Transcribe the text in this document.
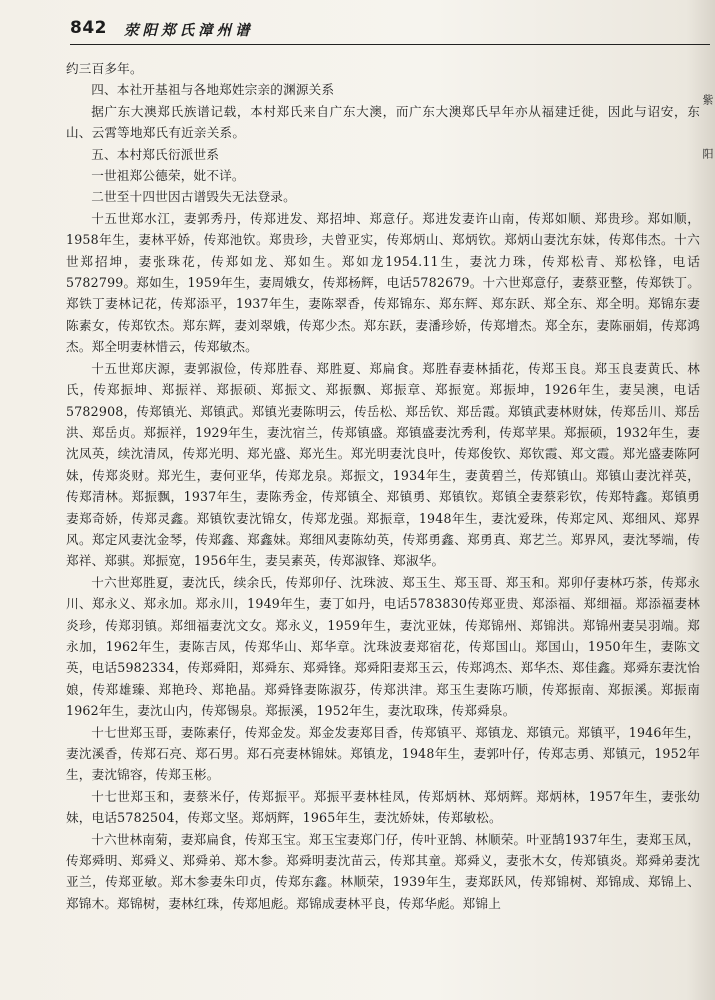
842 荥阳郑氏漳州谱
紫
阳

约三百多年。

四、本社开基祖与各地郑姓宗亲的渊源关系

据广东大澳郑氏族谱记载，本村郑氏来自广东大澳，而广东大澳郑氏早年亦从福建迁徙，因此与诏安，东山、云霄等地郑氏有近亲关系。

五、本村郑氏衍派世系

一世祖郑公德荣，妣不详。

二世至十四世因古谱毁失无法登录。

十五世郑水江，妻郭秀丹，传郑进发、郑招坤、郑意仔。郑进发妻许山南，传郑如顺、郑贵珍。郑如顺，1958年生，妻林平娇，传郑池钦。郑贵珍，夫曾亚实，传郑炳山、郑炳钦。郑炳山妻沈东妹，传郑伟杰。十六世郑招坤，妻张珠花，传郑如龙、郑如生。郑如龙1954.11生，妻沈力珠，传郑松青、郑松锋，电话5782799。郑如生，1959年生，妻周娥女，传郑杨辉，电话5782679。十六世郑意仔，妻蔡亚整，传郑铁丁。郑铁丁妻林记花，传郑添平，1937年生，妻陈翠香，传郑锦东、郑东辉、郑东跃、郑全东、郑全明。郑锦东妻陈素女，传郑钦杰。郑东辉，妻刘翠娥，传郑少杰。郑东跃，妻潘珍娇，传郑增杰。郑全东，妻陈丽娟，传郑鸿杰。郑全明妻林惜云，传郑敏杰。

十五世郑庆源，妻郭淑俭，传郑胜春、郑胜夏、郑扁食。郑胜春妻林插花，传郑玉良。郑玉良妻黄氏、林氏，传郑振坤、郑振祥、郑振硕、郑振文、郑振飘、郑振章、郑振宽。郑振坤，1926年生，妻吴澳，电话5782908，传郑镇光、郑镇武。郑镇光妻陈明云，传岳松、郑岳钦、郑岳霞。郑镇武妻林财妹，传郑岳川、郑岳洪、郑岳贞。郑振祥，1929年生，妻沈宿兰，传郑镇盛。郑镇盛妻沈秀利，传郑苹果。郑振硕，1932年生，妻沈凤英，续沈清凤，传郑光明、郑光盛、郑光生。郑光明妻沈良叶，传郑俊钦、郑钦霞、郑文霞。郑光盛妻陈阿妹，传郑炎财。郑光生，妻何亚华，传郑龙泉。郑振文，1934年生，妻黄碧兰，传郑镇山。郑镇山妻沈祥英，传郑清林。郑振飘，1937年生，妻陈秀金，传郑镇全、郑镇勇、郑镇钦。郑镇全妻蔡彩钦，传郑特鑫。郑镇勇妻郑奇娇，传郑灵鑫。郑镇钦妻沈锦女，传郑龙强。郑振章，1948年生，妻沈爱珠，传郑定风、郑细风、郑界风。郑定风妻沈金琴，传郑鑫、郑鑫妹。郑细风妻陈幼英，传郑勇鑫、郑勇真、郑艺兰。郑界风，妻沈琴端，传郑祥、郑骐。郑振宽，1956年生，妻吴素英，传郑淑锋、郑淑华。

十六世郑胜夏，妻沈氏，续余氏，传郑卯仔、沈珠波、郑玉生、郑玉哥、郑玉和。郑卯仔妻林巧茶，传郑永川、郑永义、郑永加。郑永川，1949年生，妻丁如丹，电话5783830传郑亚贵、郑添福、郑细福。郑添福妻林炎珍，传郑羽镇。郑细福妻沈文女。郑永义，1959年生，妻沈亚妹，传郑锦州、郑锦洪。郑锦州妻吴羽端。郑永加，1962年生，妻陈吉凤，传郑华山、郑华章。沈珠波妻郑宿花，传郑国山。郑国山，1950年生，妻陈文英，电话5982334，传郑舜阳，郑舜东、郑舜锋。郑舜阳妻郑玉云，传郑鸿杰、郑华杰、郑佳鑫。郑舜东妻沈怡娘，传郑雄臻、郑艳玲、郑艳晶。郑舜锋妻陈淑芬，传郑洪津。郑玉生妻陈巧顺，传郑振南、郑振溪。郑振南1962年生，妻沈山内，传郑锡泉。郑振溪，1952年生，妻沈取珠，传郑舜泉。

十七世郑玉哥，妻陈素仔，传郑金发。郑金发妻郑目香，传郑镇平、郑镇龙、郑镇元。郑镇平，1946年生，妻沈溪香，传郑石亮、郑石男。郑石亮妻林锦妹。郑镇龙，1948年生，妻郭叶仔，传郑志勇、郑镇元，1952年生，妻沈锦容，传郑玉彬。

十七世郑玉和，妻蔡米仔，传郑振平。郑振平妻林桂凤，传郑炳林、郑炳辉。郑炳林，1957年生，妻张幼妹，电话5782504，传郑文坚。郑炳辉，1965年生，妻沈娇妹，传郑敏松。

十六世林南菊，妻郑扁食，传郑玉宝。郑玉宝妻郑门仔，传叶亚鹄、林顺荣。叶亚鹄1937年生，妻郑玉凤，传郑舜明、郑舜义、郑舜弟、郑木参。郑舜明妻沈苗云，传郑其童。郑舜义，妻张木女，传郑镇炎。郑舜弟妻沈亚兰，传郑亚敏。郑木参妻朱印贞，传郑东鑫。林顺荣，1939年生，妻郑跃风，传郑锦树、郑锦成、郑锦上、郑锦木。郑锦树，妻林红珠，传郑旭彪。郑锦成妻林平良，传郑华彪。郑锦上
